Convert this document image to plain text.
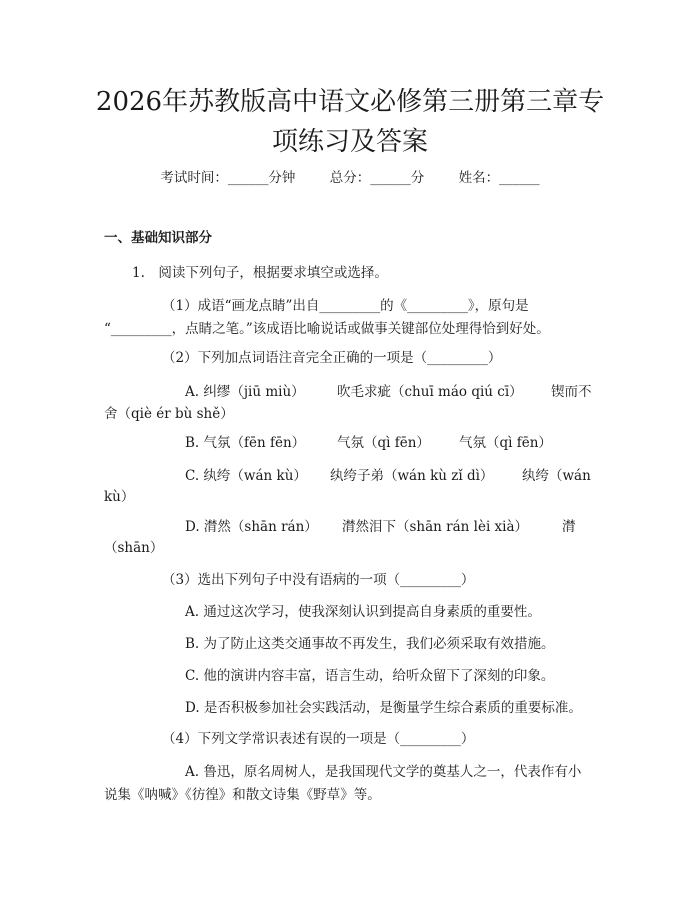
2026年苏教版高中语文必修第三册第三章专
项练习及答案
考试时间：______分钟	总分：______分	姓名：______
一、基础知识部分
1.　阅读下列句子，根据要求填空或选择。
（1）成语“画龙点睛”出自_________的《_________》，原句是
“_________，点睛之笔。”该成语比喻说话或做事关键部位处理得恰到好处。
（2）下列加点词语注音完全正确的一项是（_________）
A. 纠缪（jiū miù）	吹毛求疵（chuī máo qiú cī）	锲而不
舍（qiè ér bù shě）
B. 气氛（fēn fēn）	气氛（qì fēn）	气氛（qì fēn）
C. 纨绔（wán kù）	纨绔子弟（wán kù zǐ dì）	纨绔（wán
kù）
D. 潸然（shān rán）	潸然泪下（shān rán lèi xià）	潸
（shān）
（3）选出下列句子中没有语病的一项（_________）
A. 通过这次学习，使我深刻认识到提高自身素质的重要性。
B. 为了防止这类交通事故不再发生，我们必须采取有效措施。
C. 他的演讲内容丰富，语言生动，给听众留下了深刻的印象。
D. 是否积极参加社会实践活动，是衡量学生综合素质的重要标准。
（4）下列文学常识表述有误的一项是（_________）
A. 鲁迅，原名周树人，是我国现代文学的奠基人之一，代表作有小
说集《呐喊》《彷徨》和散文诗集《野草》等。
